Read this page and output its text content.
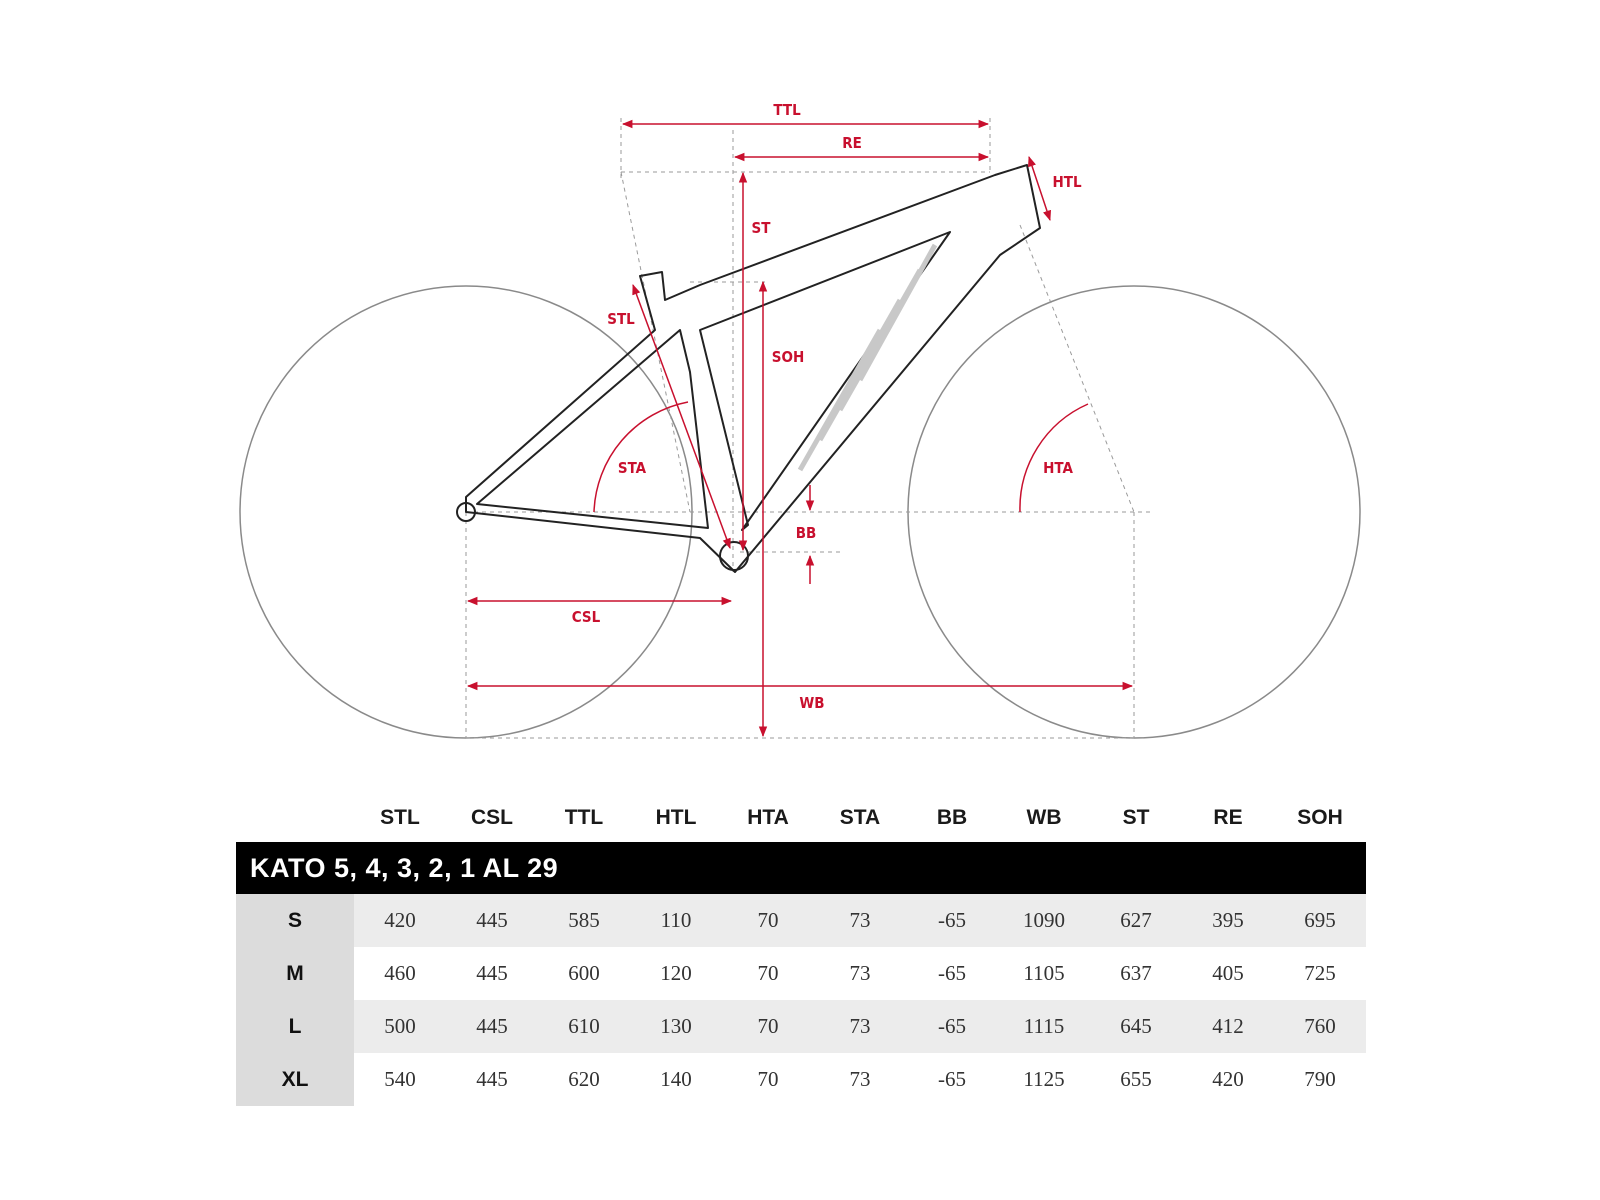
TTL
RE
HTL
ST
STL
SOH
STA	HTA
BB
CSL
WB
	STL	CSL	TTL	HTL	HTA	STA	BB	WB	ST	RE	SOH
KATO 5, 4, 3, 2, 1 AL 29											
S	420	445	585	110	70	73	-65	1090	627	395	695
M	460	445	600	120	70	73	-65	1105	637	405	725
L	500	445	610	130	70	73	-65	1115	645	412	760
XL	540	445	620	140	70	73	-65	1125	655	420	790
